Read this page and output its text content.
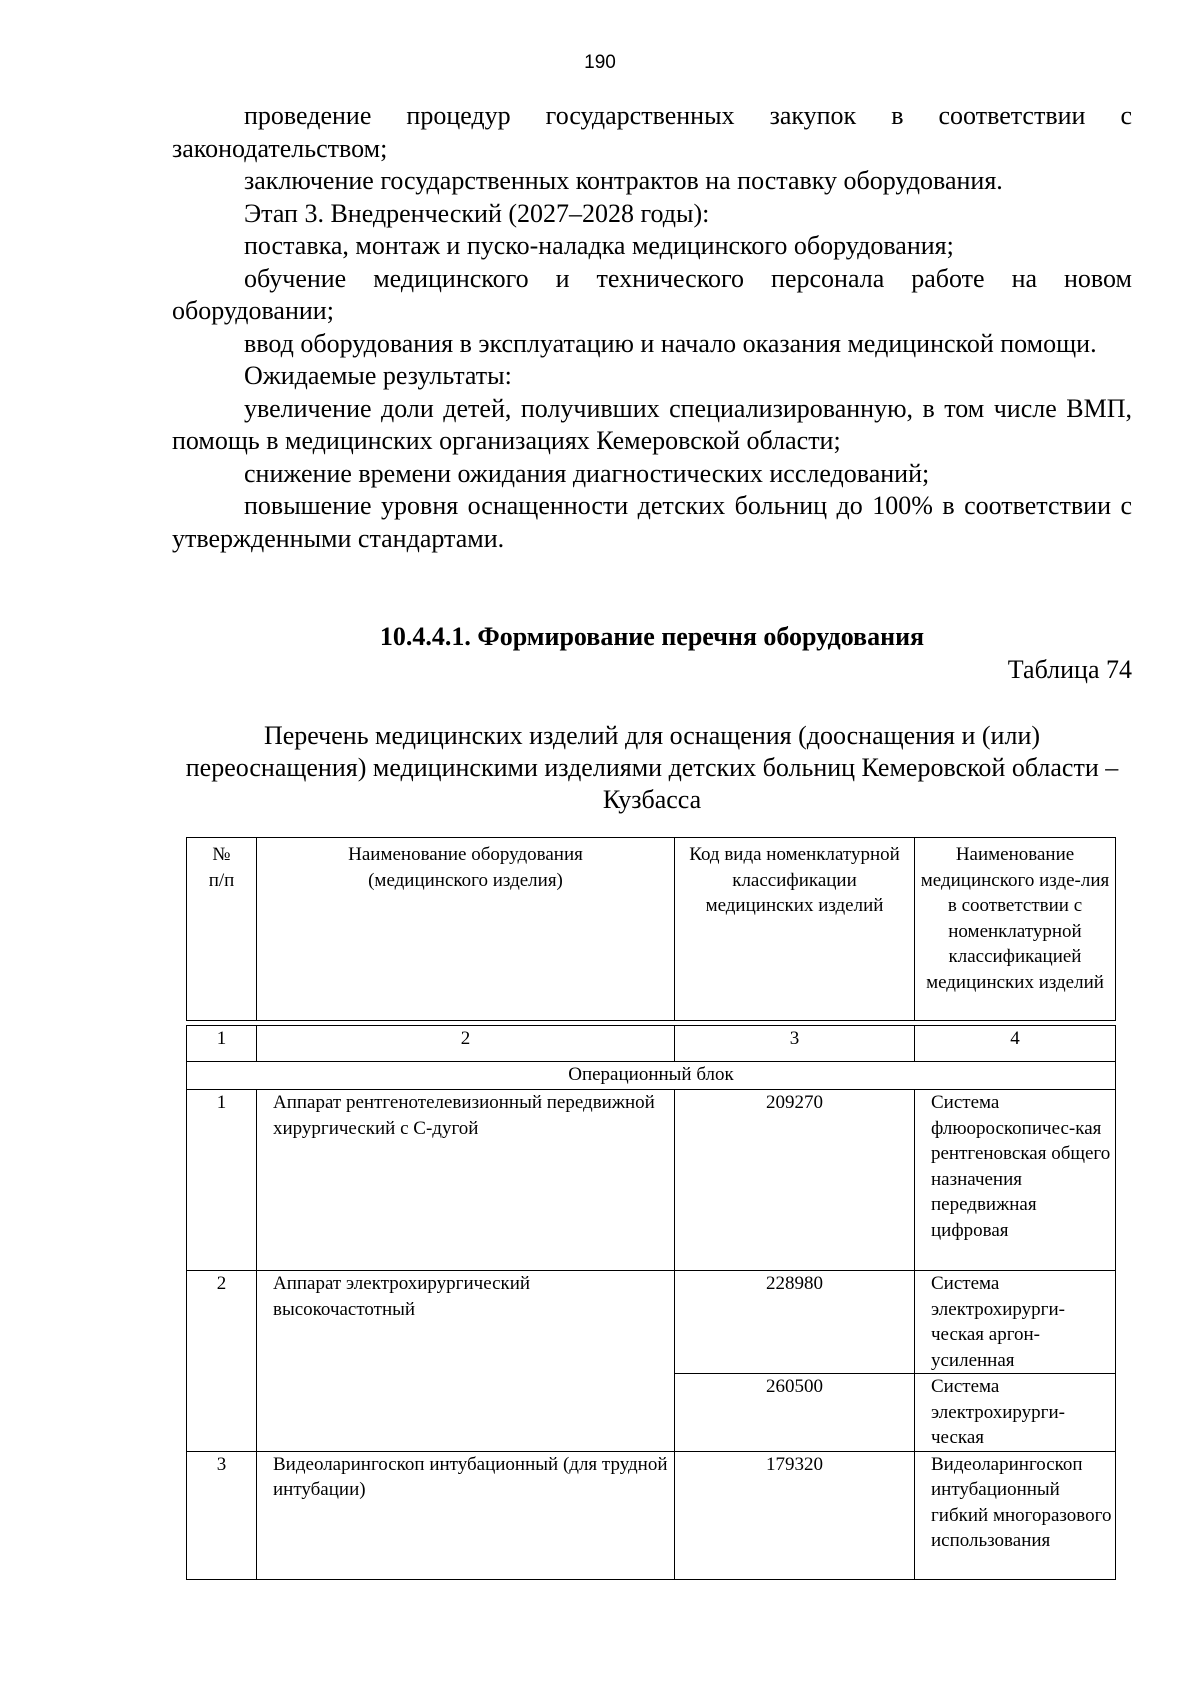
190

проведение процедур государственных закупок в соответствии с законодательством;

заключение государственных контрактов на поставку оборудования.

Этап 3. Внедренческий (2027–2028 годы):

поставка, монтаж и пуско-наладка медицинского оборудования;

обучение медицинского и технического персонала работе на новом оборудовании;

ввод оборудования в эксплуатацию и начало оказания медицинской помощи.

Ожидаемые результаты:

увеличение доли детей, получивших специализированную, в том числе ВМП, помощь в медицинских организациях Кемеровской области;

снижение времени ожидания диагностических исследований;

повышение уровня оснащенности детских больниц до 100% в соответствии с утвержденными стандартами.

10.4.4.1. Формирование перечня оборудования
Таблица 74
Перечень медицинских изделий для оснащения (дооснащения и (или) переоснащения) медицинскими изделиями детских больниц Кемеровской области – Кузбасса
№ п/п	Наименование оборудования (медицинского изделия)	Код вида номенклатурной классификации медицинских изделий	Наименование медицинского изде-лия в соответствии с номенклатурной классификацией медицинских изделий
1	2	3	4
Операционный блок			
1	Аппарат рентгенотелевизионный передвижной хирургический с С-дугой	209270	Система флюороскопичес-кая рентгеновская общего назначения передвижная цифровая
2	Аппарат электрохирургический высокочастотный	228980	Система электрохирурги-ческая аргон-усиленная
		260500	Система электрохирурги-ческая
3	Видеоларингоскоп интубационный (для трудной интубации)	179320	Видеоларингоскоп интубационный гибкий многоразового использования
